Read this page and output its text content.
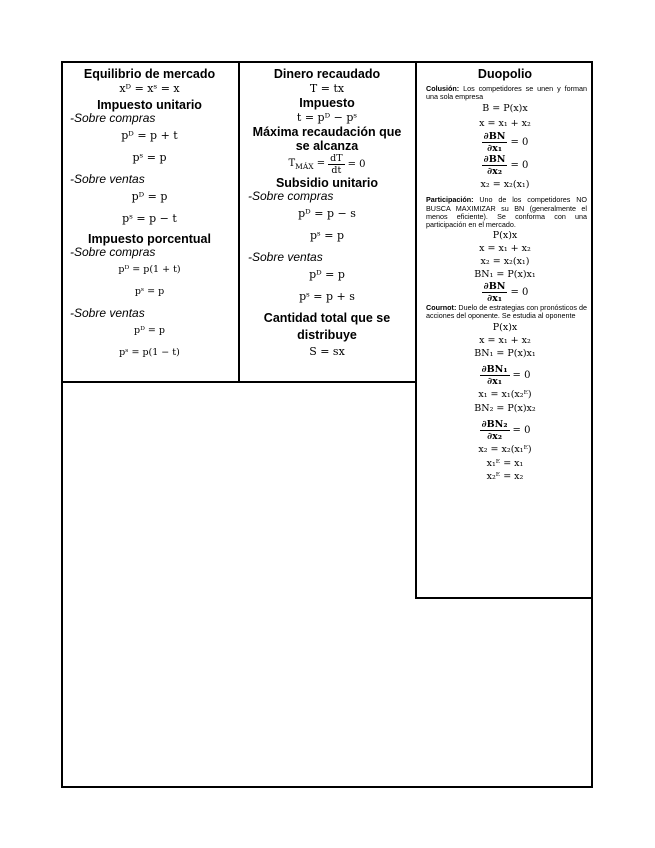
Equilibrio de mercado

xᴰ = xˢ = x

Impuesto unitario

-Sobre compras

pᴰ = p + t
pˢ = p

-Sobre ventas

pᴰ = p
pˢ = p − t

Impuesto porcentual

-Sobre compras

pᴰ = p(1 + t)
pˢ = p

-Sobre ventas

pᴰ = p
pˢ = p(1 − t)

Dinero recaudado

T = tx

Impuesto

t = pᴰ − pˢ

Máxima recaudación que se alcanza

$T_{MÁX} = \frac{dT}{dt} = 0$

Subsidio unitario

-Sobre compras

pᴰ = p − s
pˢ = p

-Sobre ventas

pᴰ = p
pˢ = p + s

Cantidad total que se distribuye

S = sx

Duopolio

Colusión: Los competidores se unen y forman una sola empresa

B = P(x)x
x = x₁ + x₂
$\frac{\partial BN}{\text{∂x₁}} = 0$
$\frac{\partial BN}{\text{∂x₂}} = 0$
x₂ = x₂(x₁)

Participación: Uno de los competidores NO BUSCA MAXIMIZAR su BN (generalmente el menos eficiente). Se conforma con una participación en el mercado.

P(x)x
x = x₁ + x₂
x₂ = x₂(x₁)
BN₁ = P(x)x₁
$\frac{\partial BN}{\text{∂x₁}} = 0$

Cournot: Duelo de estrategias con pronósticos de acciones del oponente. Se estudia al oponente

P(x)x
x = x₁ + x₂
BN₁ = P(x)x₁
$\frac{\text{∂BN₁}}{\text{∂x₁}} = 0$
x₁ = x₁(x₂ᴱ)
BN₂ = P(x)x₂
$\frac{\text{∂BN₂}}{\text{∂x₂}} = 0$
x₂ = x₂(x₁ᴱ)
x₁ᴱ = x₁
x₂ᴱ = x₂
